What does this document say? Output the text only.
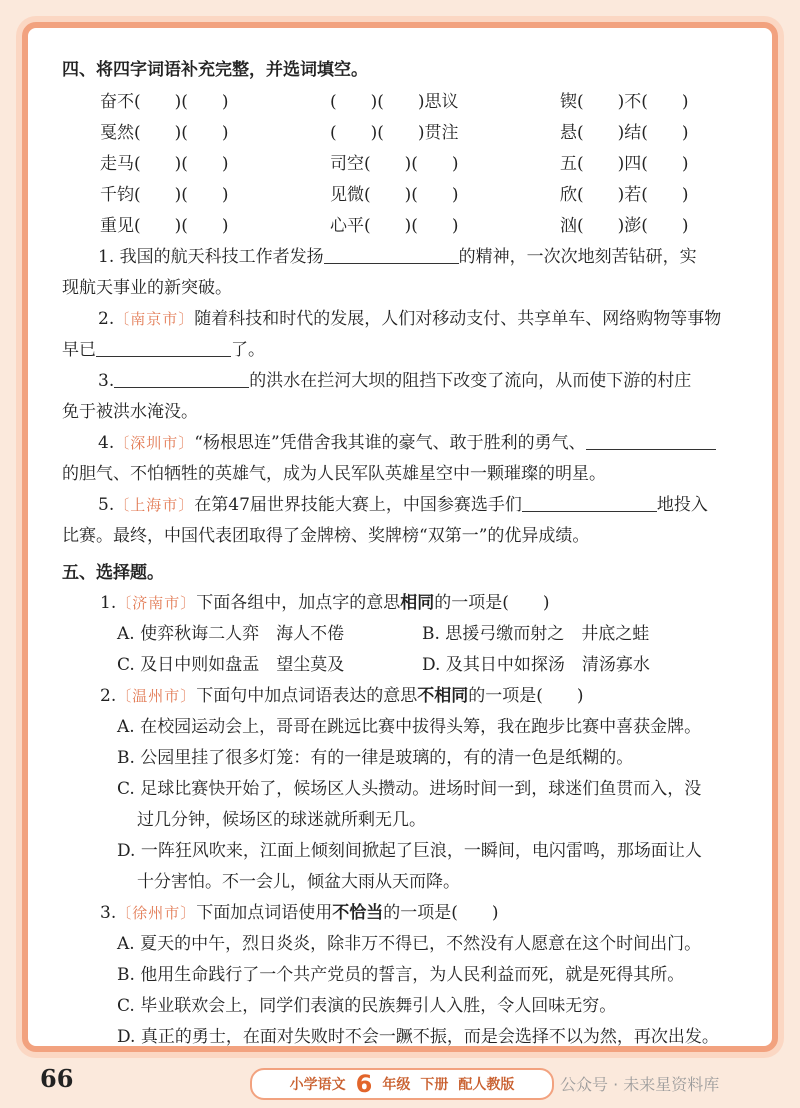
四、将四字词语补充完整，并选词填空。

奋不(　　)(　　)	(　　)(　　)思议	锲(　　)不(　　)
戛然(　　)(　　)	(　　)(　　)贯注	悬(　　)结(　　)
走马(　　)(　　)	司空(　　)(　　)	五(　　)四(　　)
千钧(　　)(　　)	见微(　　)(　　)	欣(　　)若(　　)
重见(　　)(　　)	心平(　　)(　　)	汹(　　)澎(　　)

1. 我国的航天科技工作者发扬	的精神，一次次地刻苦钻研，实

现航天事业的新突破。

2.〔南京市〕随着科技和时代的发展，人们对移动支付、共享单车、网络购物等事物

早已	了。

3.	的洪水在拦河大坝的阻挡下改变了流向，从而使下游的村庄

免于被洪水淹没。

4.〔深圳市〕“杨根思连”凭借舍我其谁的豪气、敢于胜利的勇气、

的胆气、不怕牺牲的英雄气，成为人民军队英雄星空中一颗璀璨的明星。

5.〔上海市〕在第47届世界技能大赛上，中国参赛选手们	地投入

比赛。最终，中国代表团取得了金牌榜、奖牌榜“双第一”的优异成绩。

五、选择题。

1.〔济南市〕下面各组中，加点字的意思相同的一项是(　　)

A. 使弈秋诲二人弈　海人不倦	B. 思援弓缴而射之　井底之蛙
C. 及日中则如盘盂　望尘莫及	D. 及其日中如探汤　清汤寡水

2.〔温州市〕下面句中加点词语表达的意思不相同的一项是(　　)

A. 在校园运动会上，哥哥在跳远比赛中拔得头筹，我在跑步比赛中喜获金牌。

B. 公园里挂了很多灯笼：有的一律是玻璃的，有的清一色是纸糊的。

C. 足球比赛快开始了，候场区人头攒动。进场时间一到，球迷们鱼贯而入，没

过几分钟，候场区的球迷就所剩无几。

D. 一阵狂风吹来，江面上倾刻间掀起了巨浪，一瞬间，电闪雷鸣，那场面让人

十分害怕。不一会儿，倾盆大雨从天而降。

3.〔徐州市〕下面加点词语使用不恰当的一项是(　　)

A. 夏天的中午，烈日炎炎，除非万不得已，不然没有人愿意在这个时间出门。

B. 他用生命践行了一个共产党员的誓言，为人民利益而死，就是死得其所。

C. 毕业联欢会上，同学们表演的民族舞引人入胜，令人回味无穷。

D. 真正的勇士，在面对失败时不会一蹶不振，而是会选择不以为然，再次出发。

66	小学语文 6 年级 下册 配人教版	公众号 · 未来星资料库
